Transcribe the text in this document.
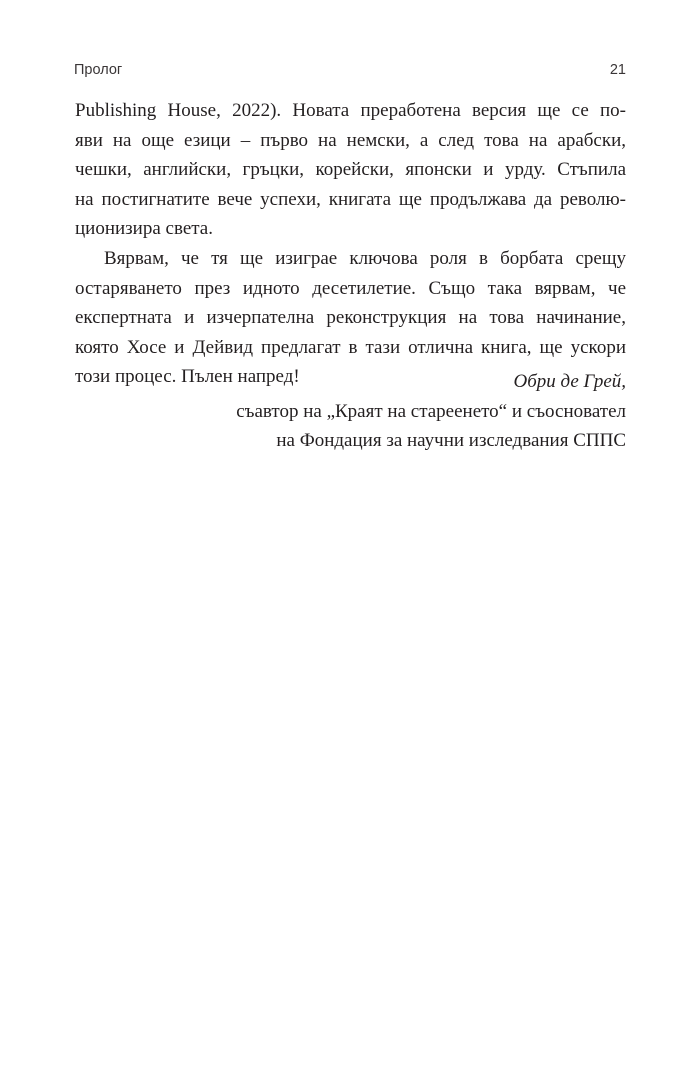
Пролог	21
Publishing House, 2022). Новата преработена версия ще се по-
яви на още езици – първо на немски, а след това на арабски,
чешки, английски, гръцки, корейски, японски и урду. Стъпила
на постигнатите вече успехи, книгата ще продължава да револю-
ционизира света.
Вярвам, че тя ще изиграе ключова роля в борбата срещу
остаряването през идното десетилетие. Също така вярвам, че
експертната и изчерпателна реконструкция на това начинание,
която Хосе и Дейвид предлагат в тази отлична книга, ще ускори
този процес. Пълен напред!	Обри де Грей,
съавтор на „Краят на стареенето“ и съосновател
на Фондация за научни изследвания СППС
